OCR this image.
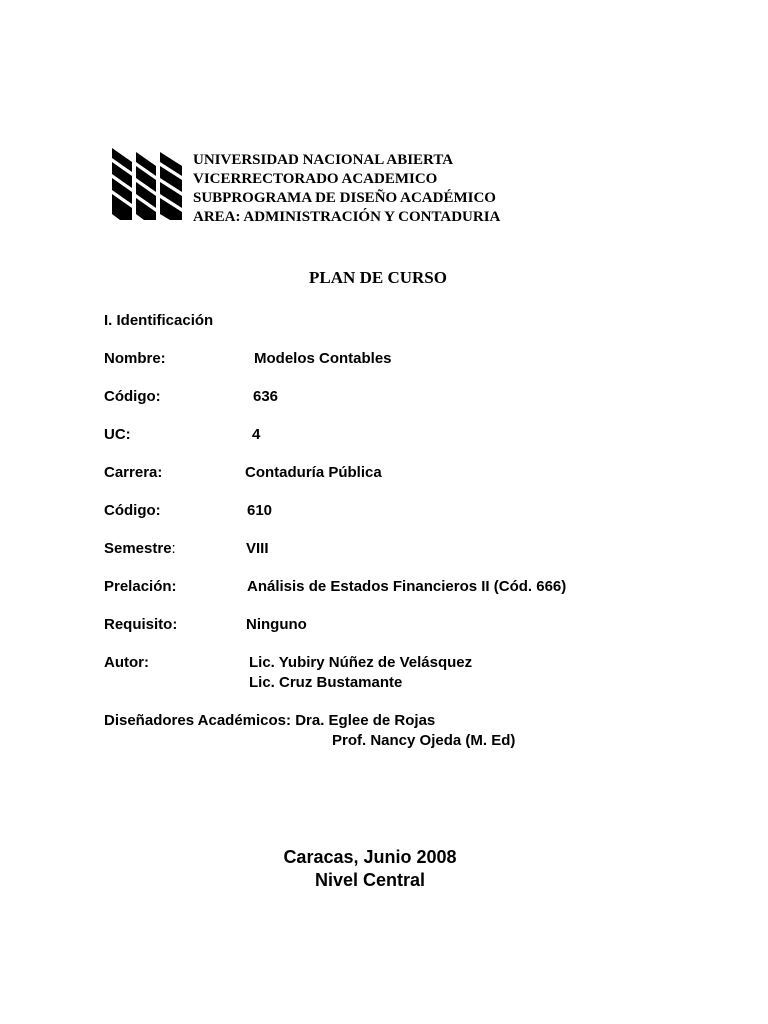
UNIVERSIDAD NACIONAL ABIERTA
VICERRECTORADO ACADEMICO
SUBPROGRAMA DE DISEÑO ACADÉMICO
AREA: ADMINISTRACIÓN Y CONTADURIA
PLAN DE CURSO
I. Identificación
Nombre:	Modelos Contables
Código:	636
UC:	4
Carrera:	Contaduría Pública
Código:	610
Semestre:	VIII
Prelación:	Análisis de Estados Financieros II (Cód. 666)
Requisito:	Ninguno
Autor:	Lic. Yubiry Núñez de Velásquez
Lic. Cruz Bustamante
Diseñadores Académicos: Dra. Eglee de Rojas
Prof. Nancy Ojeda (M. Ed)
Caracas, Junio 2008
Nivel Central
